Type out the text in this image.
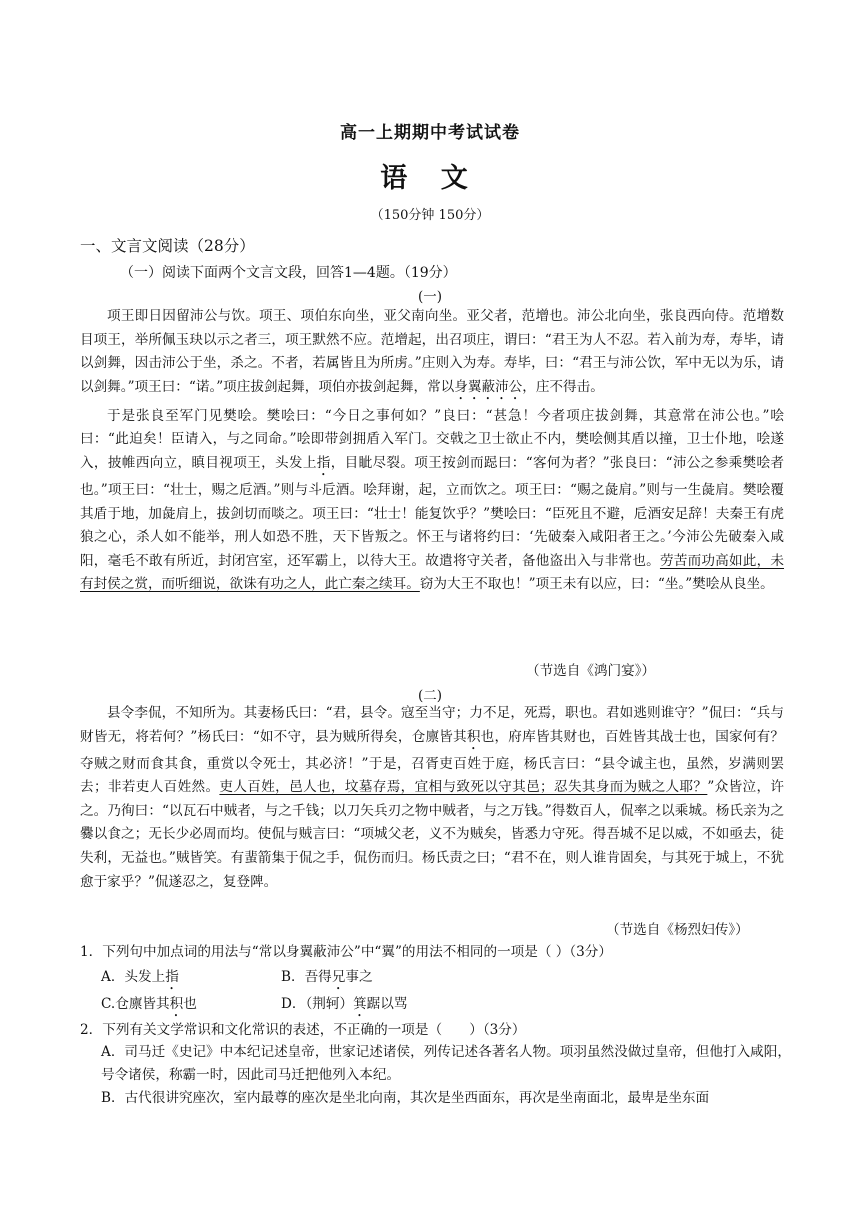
高一上期期中考试试卷
语 文
（150分钟 150分）
一、文言文阅读（28分）
（一）阅读下面两个文言文段，回答1—4题。（19分）
(一)

项王即日因留沛公与饮。项王、项伯东向坐，亚父南向坐。亚父者，范增也。沛公北向坐，张良西向侍。范增数目项王，举所佩玉玦以示之者三，项王默然不应。范增起，出召项庄，谓曰：“君王为人不忍。若入前为寿，寿毕，请以剑舞，因击沛公于坐，杀之。不者，若属皆且为所虏。”庄则入为寿。寿毕，曰：“君王与沛公饮，军中无以为乐，请以剑舞。”项王曰：“诺。”项庄拔剑起舞，项伯亦拔剑起舞，常以身翼蔽沛公，庄不得击。

于是张良至军门见樊哙。樊哙曰：“今日之事何如？”良曰：“甚急！今者项庄拔剑舞，其意常在沛公也。”哙曰：“此迫矣！臣请入，与之同命。”哙即带剑拥盾入军门。交戟之卫士欲止不内，樊哙侧其盾以撞，卫士仆地，哙遂入，披帷西向立，瞋目视项王，头发上指，目眦尽裂。项王按剑而跽曰：“客何为者？”张良曰：“沛公之参乘樊哙者也。”项王曰：“壮士，赐之卮酒。”则与斗卮酒。哙拜谢，起，立而饮之。项王曰：“赐之彘肩。”则与一生彘肩。樊哙覆其盾于地，加彘肩上，拔剑切而啖之。项王曰：“壮士！能复饮乎？”樊哙曰：“臣死且不避，卮酒安足辞！夫秦王有虎狼之心，杀人如不能举，刑人如恐不胜，天下皆叛之。怀王与诸将约曰：‘先破秦入咸阳者王之。’今沛公先破秦入咸阳，毫毛不敢有所近，封闭宫室，还军霸上，以待大王。故遣将守关者，备他盗出入与非常也。劳苦而功高如此，未有封侯之赏，而听细说，欲诛有功之人，此亡秦之续耳。窃为大王不取也！”项王未有以应，曰：“坐。”樊哙从良坐。

（节选自《鸿门宴》）
(二)

县令李侃，不知所为。其妻杨氏曰：“君，县令。寇至当守；力不足，死焉，职也。君如逃则谁守？”侃曰：“兵与财皆无，将若何？”杨氏曰：“如不守，县为贼所得矣，仓廪皆其积也，府库皆其财也，百姓皆其战士也，国家何有？夺贼之财而食其食，重赏以令死士，其必济！”于是，召胥吏百姓于庭，杨氏言曰：“县令诚主也，虽然，岁满则罢去；非若吏人百姓然。吏人百姓，邑人也，坟墓存焉，宜相与致死以守其邑；忍失其身而为贼之人耶？”众皆泣，许之。乃徇曰：“以瓦石中贼者，与之千钱；以刀矢兵刃之物中贼者，与之万钱。”得数百人，侃率之以乘城。杨氏亲为之爨以食之；无长少必周而均。使侃与贼言曰：“项城父老，义不为贼矣，皆悉力守死。得吾城不足以威，不如亟去，徒失利，无益也。”贼皆笑。有蜚箭集于侃之手，侃伤而归。杨氏责之曰；“君不在，则人谁肯固矣，与其死于城上，不犹愈于家乎？”侃遂忍之，复登陴。

（节选自《杨烈妇传》）
1．下列句中加点词的用法与“常以身翼蔽沛公”中“翼”的用法不相同的一项是（ ）（3分）
A．头发上指	B．吾得兄事之
C.仓廪皆其积也	D．（荆轲）箕踞以骂
2．下列有关文学常识和文化常识的表述，不正确的一项是（　　）（3分）
A．司马迁《史记》中本纪记述皇帝，世家记述诸侯，列传记述各著名人物。项羽虽然没做过皇帝，但他打入咸阳，号令诸侯，称霸一时，因此司马迁把他列入本纪。
B．古代很讲究座次，室内最尊的座次是坐北向南，其次是坐西面东，再次是坐南面北，最卑是坐东面
